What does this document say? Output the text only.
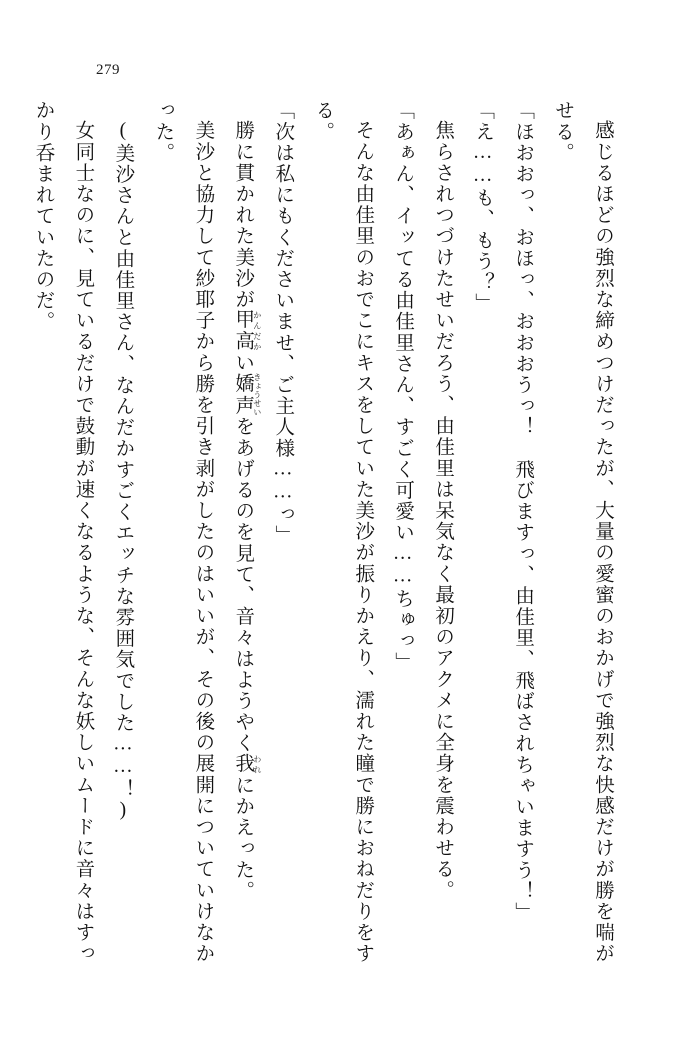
279

感じるほどの強烈な締めつけだったが、大量の愛蜜のおかげで強烈な快感だけが勝を喘がせる。

「ほおおっ、おほっ、おおおうっ！　飛びますっ、由佳里、飛ばされちゃいますう！」

「え……も、もう？」

焦らされつづけたせいだろう、由佳里は呆気なく最初のアクメに全身を震わせる。

「あぁん、イッてる由佳里さん、すごく可愛い……ちゅっ」

そんな由佳里のおでこにキスをしていた美沙が振りかえり、濡れた瞳で勝におねだりをする。

「次は私にもくださいませ、ご主人様……っ」

勝に貫かれた美沙が甲高 かんだかい嬌声 きょうせいをあげるのを見て、音々はようやく我 われにかえった。

美沙と協力して紗耶子から勝を引き剥がしたのはいいが、その後の展開についていけなかった。

(美沙さんと由佳里さん、なんだかすごくエッチな雰囲気でした……！)

女同士なのに、見ているだけで鼓動が速くなるような、そんな妖しいムードに音々はすっかり呑まれていたのだ。
